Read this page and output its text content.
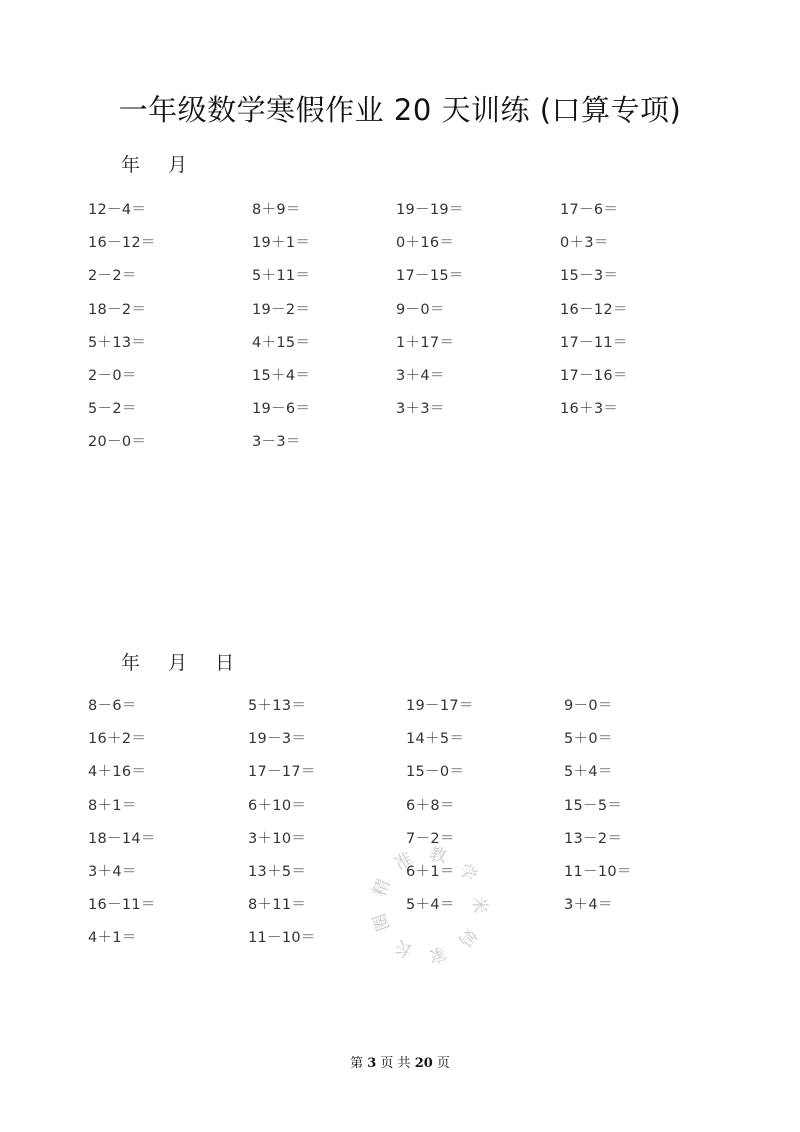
一年级数学寒假作业 20 天训练 (口算专项)
年 月
12－4＝
16－12＝
2－2＝
18－2＝
5＋13＝
2－0＝
5－2＝
20－0＝
8＋9＝
19＋1＝
5＋11＝
19－2＝
4＋15＝
15＋4＝
19－6＝
3－3＝
19－19＝
0＋16＝
17－15＝
9－0＝
1＋17＝
3＋4＝
3＋3＝
17－6＝
0＋3＝
15－3＝
16－12＝
17－11＝
17－16＝
16＋3＝
年 月 日
8－6＝
16＋2＝
4＋16＝
8＋1＝
18－14＝
3＋4＝
16－11＝
4＋1＝
5＋13＝
19－3＝
17－17＝
6＋10＝
3＋10＝
13＋5＝
8＋11＝
11－10＝
19－17＝
14＋5＝
15－0＝
6＋8＝
7－2＝
6＋1＝
5＋4＝
9－0＝
5＋0＝
5＋4＝
15－5＝
13－2＝
11－10＝
3＋4＝
精
准 教
学
米
妈
家
长
圈
第 3 页 共 20 页
